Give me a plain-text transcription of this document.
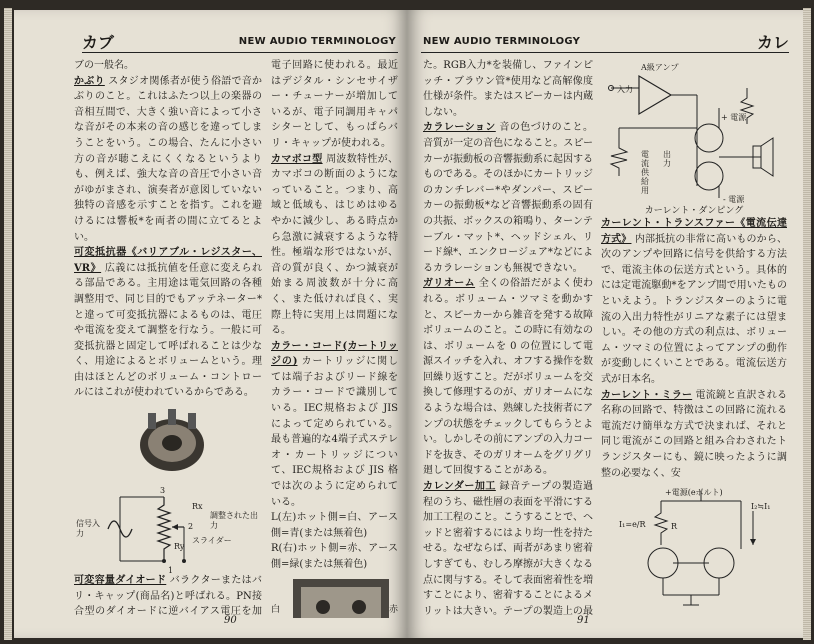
カブ	NEW AUDIO TERMINOLOGY

ブの一般名。

かぶり スタジオ関係者が使う俗語で音かぶりのこと。これはふたつ以上の楽器の音相互間で、大きく強い音によって小さな音がその本来の音の感じを違ってしまうことをいう。この場合、たんに小さい方の音が聴こえにくくなるというよりも、例えば、強大な音の音圧で小さい音がゆがまされ、演奏者が意図していない独特の音感を示すことを指す。これを避けるには響板*を両者の間に立てるとよい。

可変抵抗器《バリアブル・レジスター、VR》 広義には抵抗値を任意に変えられる部品である。主用途は電気回路の各種調整用で、同じ目的でもアッテネーター*と違って可変抵抗器によるものは、電圧や電流を変えて調整を行なう。一般に可変抵抗器と固定して呼ばれることは少なく、用途によるとボリュームという。理由はほとんどのボリューム・コントロールにはこれが使われているからである。

信号入力
3
2
1
Rx
Ry
スライダー
調整された出力

可変容量ダイオード バラクターまたはバリ・キャップ(商品名)と呼ばれる。PN接合型のダイオードに逆バイアス電圧を加

電子回路に使われる。最近はデジタル・シンセサイザー・チューナーが増加しているが、電子同調用キャパシターとして、もっぱらバリ・キャップが使われる。

カマボコ型 周波数特性が、カマボコの断面のようになっていること。つまり、高域と低域も、はじめはゆるやかに減少し、ある時点から急激に減衰するような特性。極端な形ではないが、音の質が良く、かつ減衰が始まる周波数が十分に高く、また低ければ良く、実際上特に実用上は問題になる。

カラー・コード(カートリッジの) カートリッジに関しては端子およびリード線をカラー・コードで識別している。IEC規格および JIS によって定められている。最も普遍的な4端子式ステレオ・カートリッジについて、IEC規格および JIS 格では次のように定められている。

L(左)ホット側=白、アース側=青(または無着色)

R(右)ホット側=赤、アース側=緑(または無着色)

白	赤

90
NEW AUDIO TERMINOLOGY	カレ

た。RGB入力*を装備し、ファインピッチ・ブラウン管*使用など高解像度仕様が条件。またはスピーカーは内蔵しない。

カラレーション 音の色づけのこと。音質が一定の音色になること。スピーカーが振動板の音響振動系に起因するものである。そのほかにカートリッジのカンチレバー*やダンパー、スピーカーの振動板*など音響振動系の固有の共振、ボックスの箱鳴り、ターンテーブル・マット*、ヘッドシェル、リード線*、エンクロージュア*などによるカラレーションも無視できない。

ガリオーム 全くの俗語だがよく使われる。ボリューム・ツマミを動かすと、スピーカーから雑音を発する故障ボリュームのこと。この時に有効なのは、ボリュームを 0 の位置にして電源スイッチを入れ、オフする操作を数回繰り返すこと。だがボリュームを交換して修理するのが、ガリオームになるような場合は、熟練した技術者にアンプの状態をチェックしてもらうとよい。しかしその前にアンプの入力コードを抜き、そのガリオームをグリグリ廻して回復することがある。

カレンダー加工 録音テープの製造過程のうち、磁性層の表面を平滑にする加工工程のこと。こうすることで、ヘッドと密着するにはより均一性を持たせる。なぜならば、両者があまり密着しすぎても、むしろ摩擦が大きくなる点に関与する。そして表面密着性を増すことにより、密着することによるメリットは大きい。テープの製造上の最

A級アンプ
入力
+ 電源
- 電源
出力
電流供給用
カーレント・ダンピング

カーレント・トランスファー《電流伝達方式》 内部抵抗の非常に高いものから、次のアンプや回路に信号を供給する方法で、電流主体の伝送方式という。具体的には定電流駆動*をアンプ間で用いたものといえよう。トランジスターのように電流の入出力特性がリニアな素子には望ましい。その他の方式の利点は、ボリューム・ツマミの位置によってアンプの動作が変動しにくいことである。電流伝送方式が日本名。

カーレント・ミラー 電流鏡と直訳される名称の回路で、特徴はこの回路に流れる電流だけ簡単な方式で決まれば、それと同じ電流がこの回路と組み合わされたトランジスターにも、鏡に映ったように調整の必要なく、安

+電源(eボルト)
I₁=e/R	R
I₂≒I₁
91
